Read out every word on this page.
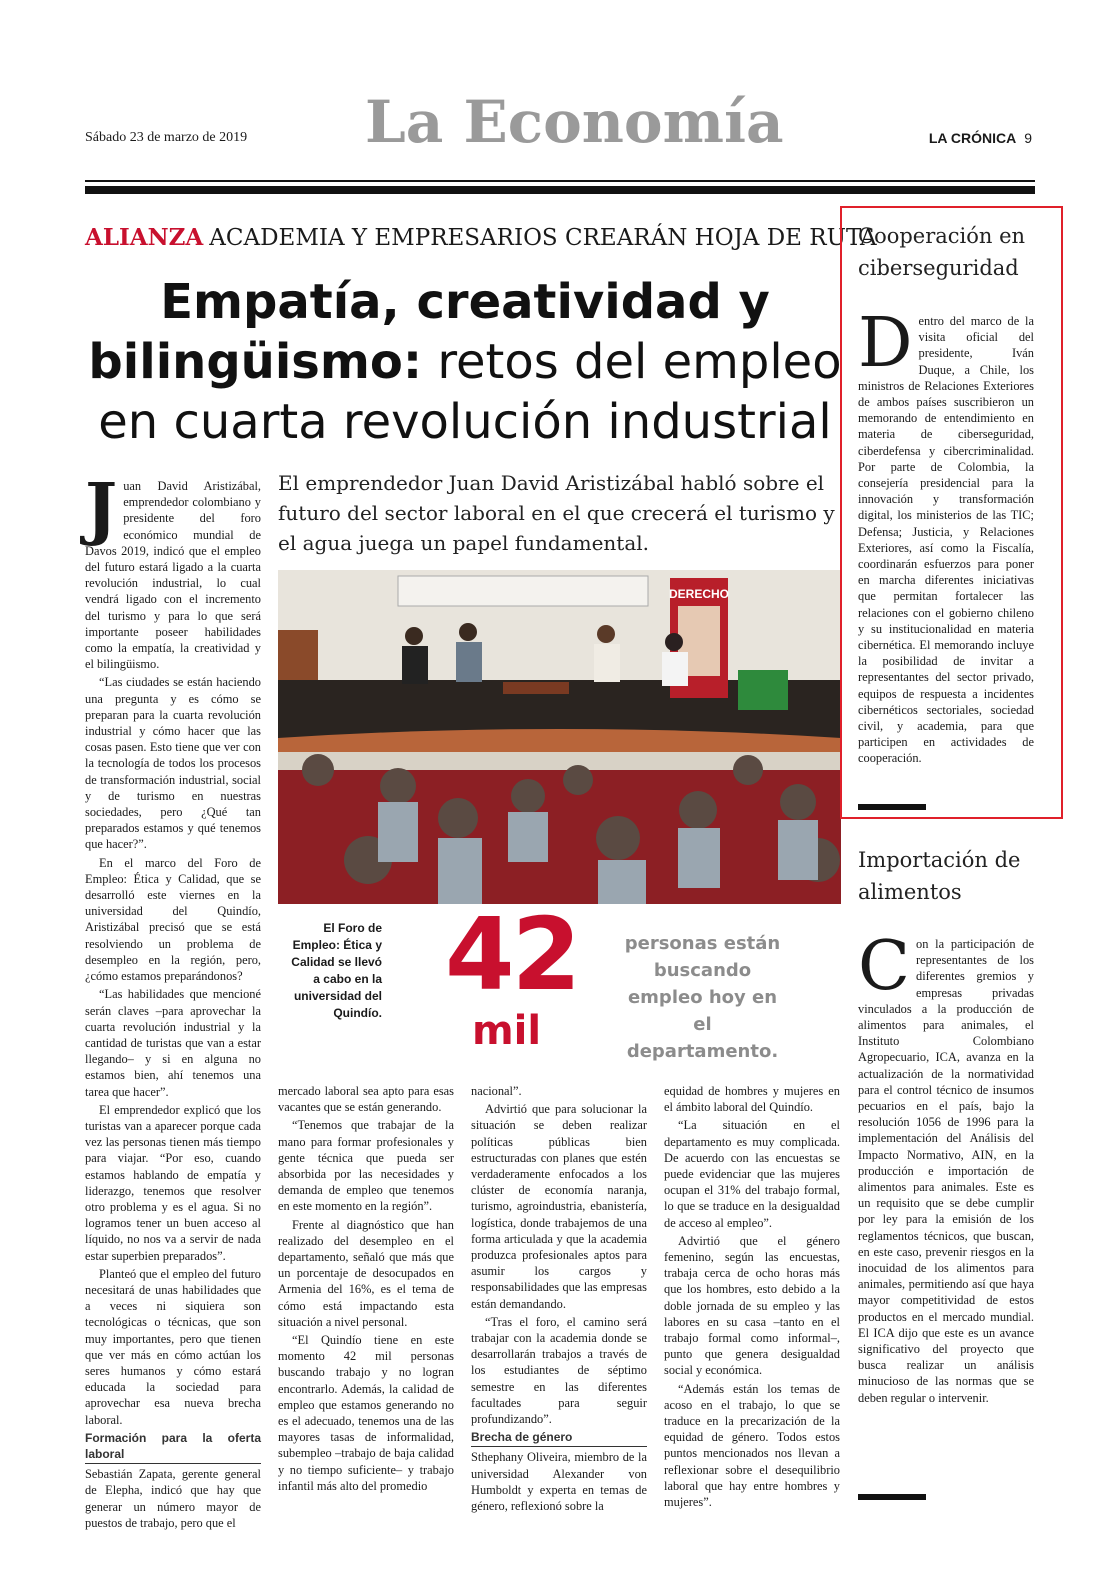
Sábado 23 de marzo de 2019 La Economía	LA CRÓNICA 9
ALIANZA ACADEMIA Y EMPRESARIOS CREARÁN HOJA DE RUTA
Empatía, creatividad y bilingüismo: retos del empleo en cuarta revolución industrial

Juan David Aristizábal, emprendedor colombiano y presidente del foro económico mundial de Davos 2019, indicó que el empleo del futuro estará ligado a la cuarta revolución industrial, lo cual vendrá ligado con el incremento del turismo y para lo que será importante poseer habilidades como la empatía, la creatividad y el bilingüismo.

“Las ciudades se están haciendo una pregunta y es cómo se preparan para la cuarta revolución industrial y cómo hacer que las cosas pasen. Esto tiene que ver con la tecnología de todos los procesos de transformación industrial, social y de turismo en nuestras sociedades, pero ¿Qué tan preparados estamos y qué tenemos que hacer?”.

En el marco del Foro de Empleo: Ética y Calidad, que se desarrolló este viernes en la universidad del Quindío, Aristizábal precisó que se está resolviendo un problema de desempleo en la región, pero, ¿cómo estamos preparándonos?

“Las habilidades que mencioné serán claves –para aprovechar la cuarta revolución industrial y la cantidad de turistas que van a estar llegando– y si en alguna no estamos bien, ahí tenemos una tarea que hacer”.

El emprendedor explicó que los turistas van a aparecer porque cada vez las personas tienen más tiempo para viajar. “Por eso, cuando estamos hablando de empatía y liderazgo, tenemos que resolver otro problema y es el agua. Si no logramos tener un buen acceso al líquido, no nos va a servir de nada estar superbien preparados”.

Planteó que el empleo del futuro necesitará de unas habilidades que a veces ni siquiera son tecnológicas o técnicas, que son muy importantes, pero que tienen que ver más en cómo actúan los seres humanos y cómo estará educada la sociedad para aprovechar esa nueva brecha laboral.

Formación para la oferta laboral

Sebastián Zapata, gerente general de Elepha, indicó que hay que generar un número mayor de puestos de trabajo, pero que el

El emprendedor Juan David Aristizábal habló sobre el futuro del sector laboral en el que crecerá el turismo y el agua juega un papel fundamental.
DERECHO
El Foro de Empleo: Ética y Calidad se llevó a cabo en la universidad del Quindío. 42
mil
personas están buscando empleo hoy en el departamento.

mercado laboral sea apto para esas vacantes que se están generando.

“Tenemos que trabajar de la mano para formar profesionales y gente técnica que pueda ser absorbida por las necesidades y demanda de empleo que tenemos en este momento en la región”.

Frente al diagnóstico que han realizado del desempleo en el departamento, señaló que más que un porcentaje de desocupados en Armenia del 16%, es el tema de cómo está impactando esta situación a nivel personal.

“El Quindío tiene en este momento 42 mil personas buscando trabajo y no logran encontrarlo. Además, la calidad de empleo que estamos generando no es el adecuado, tenemos una de las mayores tasas de informalidad, subempleo –trabajo de baja calidad y no tiempo suficiente– y trabajo infantil más alto del promedio

nacional”.

Advirtió que para solucionar la situación se deben realizar políticas públicas bien estructuradas con planes que estén verdaderamente enfocados a los clúster de economía naranja, turismo, agroindustria, ebanistería, logística, donde trabajemos de una forma articulada y que la academia produzca profesionales aptos para asumir los cargos y responsabilidades que las empresas están demandando.

“Tras el foro, el camino será trabajar con la academia donde se desarrollarán trabajos a través de los estudiantes de séptimo semestre en las diferentes facultades para seguir profundizando”.

Brecha de género

Sthephany Oliveira, miembro de la universidad Alexander von Humboldt y experta en temas de género, reflexionó sobre la

equidad de hombres y mujeres en el ámbito laboral del Quindío.

“La situación en el departamento es muy complicada. De acuerdo con las encuestas se puede evidenciar que las mujeres ocupan el 31% del trabajo formal, lo que se traduce en la desigualdad de acceso al empleo”.

Advirtió que el género femenino, según las encuestas, trabaja cerca de ocho horas más que los hombres, esto debido a la doble jornada de su empleo y las labores en su casa –tanto en el trabajo formal como informal–, punto que genera desigualdad social y económica.

“Además están los temas de acoso en el trabajo, lo que se traduce en la precarización de la equidad de género. Todos estos puntos mencionados nos llevan a reflexionar sobre el desequilibrio laboral que hay entre hombres y mujeres”.

Cooperación en ciberseguridad

Dentro del marco de la visita oficial del presidente, Iván Duque, a Chile, los ministros de Relaciones Exteriores de ambos países suscribieron un memorando de entendimiento en materia de ciberseguridad, ciberdefensa y cibercriminalidad. Por parte de Colombia, la consejería presidencial para la innovación y transformación digital, los ministerios de las TIC; Defensa; Justicia, y Relaciones Exteriores, así como la Fiscalía, coordinarán esfuerzos para poner en marcha diferentes iniciativas que permitan fortalecer las relaciones con el gobierno chileno y su institucionalidad en materia cibernética. El memorando incluye la posibilidad de invitar a representantes del sector privado, equipos de respuesta a incidentes cibernéticos sectoriales, sociedad civil, y academia, para que participen en actividades de cooperación.

Importación de alimentos

Con la participación de representantes de los diferentes gremios y empresas privadas vinculados a la producción de alimentos para animales, el Instituto Colombiano Agropecuario, ICA, avanza en la actualización de la normatividad para el control técnico de insumos pecuarios en el país, bajo la resolución 1056 de 1996 para la implementación del Análisis del Impacto Normativo, AIN, en la producción e importación de alimentos para animales. Este es un requisito que se debe cumplir por ley para la emisión de los reglamentos técnicos, que buscan, en este caso, prevenir riesgos en la inocuidad de los alimentos para animales, permitiendo así que haya mayor competitividad de estos productos en el mercado mundial. El ICA dijo que este es un avance significativo del proyecto que busca realizar un análisis minucioso de las normas que se deben regular o intervenir.
